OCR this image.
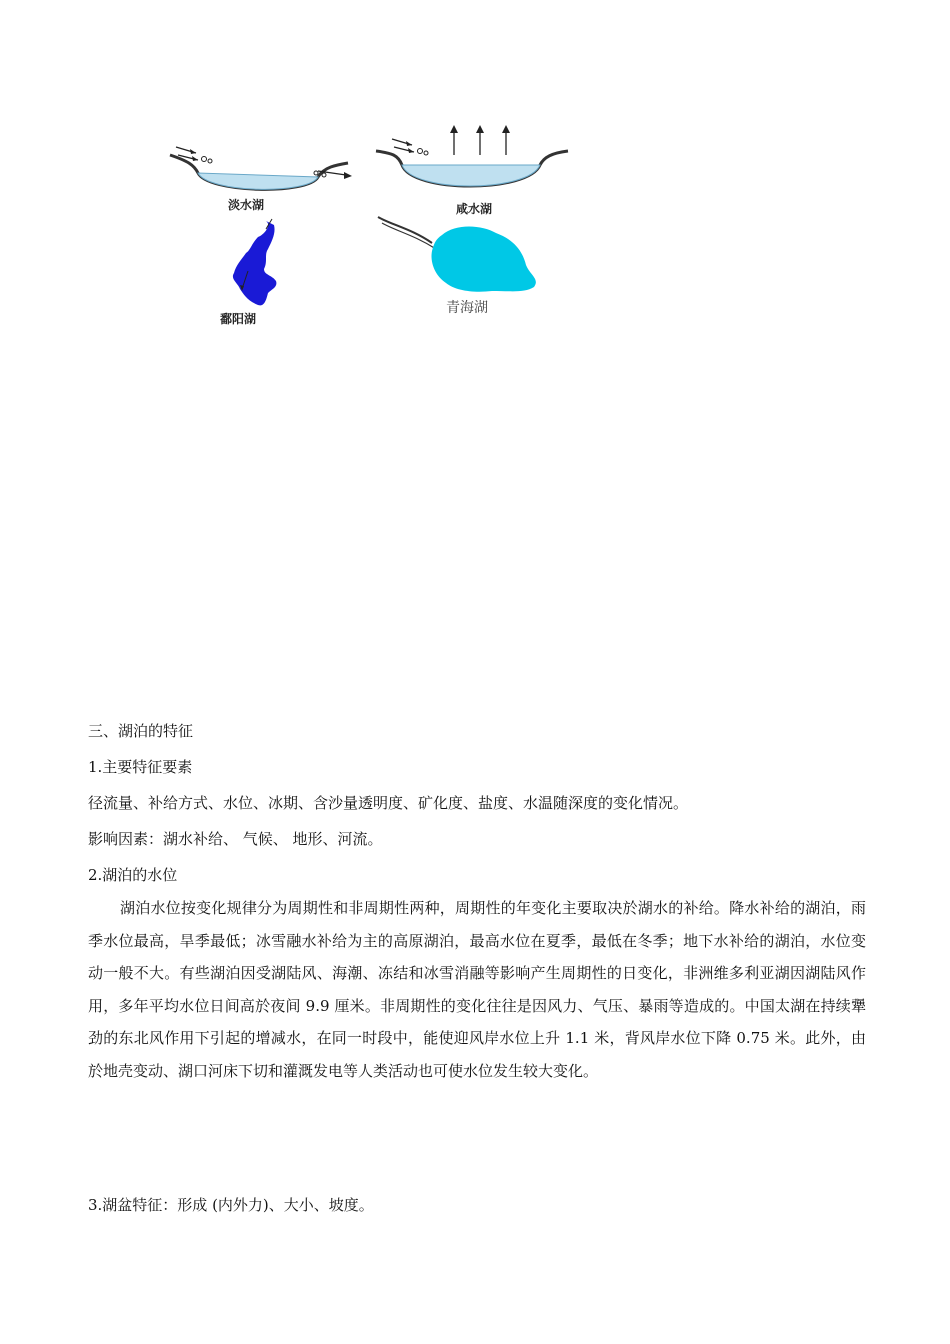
淡水湖
鄱阳湖
咸水湖
青海湖
三、湖泊的特征
1.主要特征要素
径流量、补给方式、水位、冰期、含沙量透明度、矿化度、盐度、水温随深度的变化情况。
影响因素：湖水补给、 气候、 地形、河流。
2.湖泊的水位
湖泊水位按变化规律分为周期性和非周期性两种，周期性的年变化主要取决於湖水的补给。降水补给的湖泊，雨季水位最高，旱季最低；冰雪融水补给为主的高原湖泊，最高水位在夏季，最低在冬季；地下水补给的湖泊，水位变动一般不大。有些湖泊因受湖陆风、海潮、冻结和冰雪消融等影响产生周期性的日变化，非洲维多利亚湖因湖陆风作用，多年平均水位日间高於夜间 9.9 厘米。非周期性的变化往往是因风力、气压、暴雨等造成的。中国太湖在持续犟劲的东北风作用下引起的增减水，在同一时段中，能使迎风岸水位上升 1.1 米，背风岸水位下降 0.75 米。此外，由於地壳变动、湖口河床下切和灌溉发电等人类活动也可使水位发生较大变化。
3.湖盆特征：形成 (内外力)、大小、坡度。
